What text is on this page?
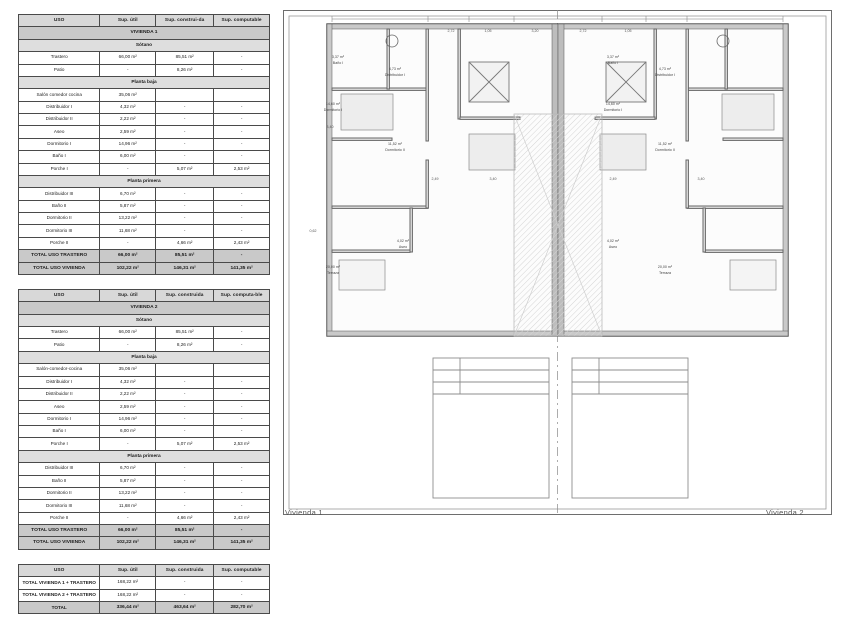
USO	Sup. útil	Sup. construi-da	Sup. computable
VIVIENDA 1			
Sótano			
Trastero	66,00 m²	85,51 m²	-
Patio	-	8,26 m²	-
Planta baja			
Salón comedor cocina	35,06 m²		
Distribuidor I	4,32 m²	-	-
Distribuidor II	2,22 m²	-	-
Aseo	2,59 m²	-	-
Dormitorio I	14,96 m²	-	-
Baño I	6,00 m²	-	-
Porche I	-	5,07 m²	2,53 m²
Planta primera			
Distribuidor III	6,70 m²	-	-
Baño II	5,87 m²	-	-
Dormitorio II	13,22 m²	-	-
Dormitorio III	11,68 m²	-	-
Porche II	-	4,66 m²	2,43 m²
TOTAL USO TRASTERO	66,00 m²	85,51 m²	-
TOTAL USO VIVIENDA	102,22 m²	146,31 m²	141,35 m²
USO	Sup. útil	Sup. construida	Sup. computa-ble
VIVIENDA 2			
Sótano			
Trastero	66,00 m²	85,51 m²	-
Patio	-	8,26 m²	-
Planta baja			
Salón-comedor-cocina	35,06 m²		
Distribuidor I	4,32 m²	-	-
Distribuidor II	2,22 m²	-	-
Aseo	2,59 m²	-	-
Dormitorio I	14,96 m²	-	-
Baño I	6,00 m²	-	-
Porche I	-	5,07 m²	2,53 m²
Planta primera			
Distribuidor III	6,70 m²	-	-
Baño II	5,87 m²	-	-
Dormitorio II	13,22 m²	-	-
Dormitorio III	11,68 m²	-	-
Porche II	-	4,66 m²	2,43 m²
TOTAL USO TRASTERO	66,00 m²	85,51 m²	-
TOTAL USO VIVIENDA	102,22 m²	146,31 m²	141,35 m²
USO	Sup. útil	Sup. construida	Sup. computable
TOTAL VIVIENDA 1 + TRASTERO	168,22 m²	-	-
TOTAL VIVIENDA 2 + TRASTERO	168,22 m²	-	-
TOTAL	336,44 m²	463,64 m²	282,70 m²
3,37 m²
Baño I
4,73 m²
Distribuidor I
14,60 m²
Dormitorio I
11,52 m²
Dormitorio II
4,02 m²
Aseo
20,00 m²
Terraza
3,37 m²
Baño I
4,73 m²
Distribuidor I
14,60 m²
Dormitorio I
11,52 m²
Dormitorio II
4,02 m²
Aseo
20,00 m²
Terraza
2,72	1,05	3,20	2,72	1,05
3,40
2,49	3,40	2,49	3,40
0,62
Vivienda 1	Vivienda 2
